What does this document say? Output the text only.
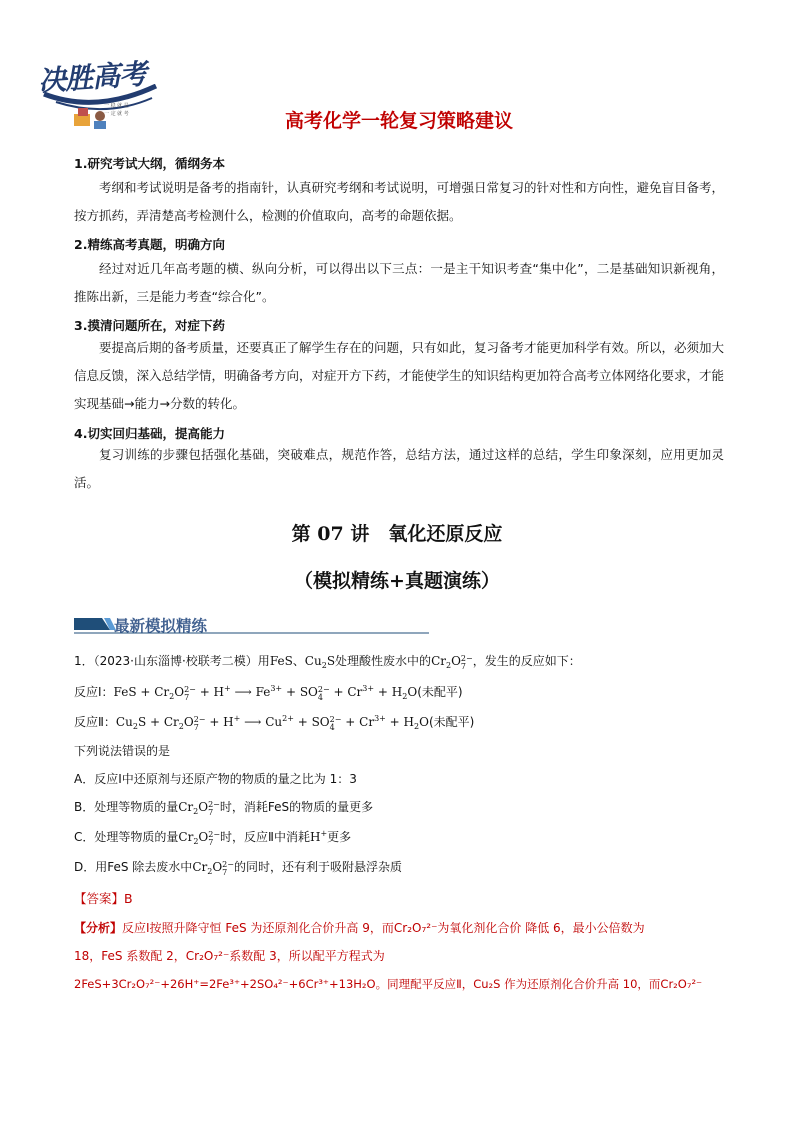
决胜高考
一 稳 就 是
一 定 就 考	高考化学一轮复习策略建议
1.研究考试大纲，循纲务本
考纲和考试说明是备考的指南针，认真研究考纲和考试说明，可增强日常复习的针对性和方向性，避免盲目备考，按方抓药，弄清楚高考检测什么，检测的价值取向，高考的命题依据。
2.精练高考真题，明确方向
经过对近几年高考题的横、纵向分析，可以得出以下三点：一是主干知识考查“集中化”，二是基础知识新视角，推陈出新，三是能力考查“综合化”。
3.摸清问题所在，对症下药
要提高后期的备考质量，还要真正了解学生存在的问题，只有如此，复习备考才能更加科学有效。所以，必须加大信息反馈，深入总结学情，明确备考方向，对症开方下药，才能使学生的知识结构更加符合高考立体网络化要求，才能实现基础→能力→分数的转化。
4.切实回归基础，提高能力
复习训练的步骤包括强化基础，突破难点，规范作答，总结方法，通过这样的总结，学生印象深刻，应用更加灵活。
第 07 讲　氧化还原反应
（模拟精练+真题演练）
最新模拟精练
1．（2023·山东淄博·校联考二模）用FeS、$Cu_2S$处理酸性废水中的$Cr_2O$ 2−
7 ，发生的反应如下：
反应Ⅰ：FeS + $Cr_2O$ 2−
7 + H+ ⟶ $Fe^{3+}$ + SO 2−
$4 + Cr^{3+} + H_2O$(未配平)
反应Ⅱ：$Cu_2S + Cr_2O$ 2−
7 + H+ ⟶ $Cu^{2+}$ + SO 2−
$4 + Cr^{3+} + H_2O$(未配平)
下列说法错误的是
A．反应Ⅰ中还原剂与还原产物的物质的量之比为 1：3
B．处理等物质的量$Cr_2O$ 2−
7 时，消耗FeS的物质的量更多
C．处理等物质的量$Cr_2O$ 2−
7 时，反应Ⅱ中消耗H+更多
D．用FeS 除去废水中$Cr_2O$ 2−
7 的同时，还有利于吸附悬浮杂质
【答案】B
【分析】反应Ⅰ按照升降守恒 FeS 为还原剂化合价升高 9，而Cr₂O₇²⁻为氧化剂化合价 降低 6，最小公倍数为
18，FeS 系数配 2，Cr₂O₇²⁻系数配 3，所以配平方程式为
2FeS+3Cr₂O₇²⁻+26H⁺=2Fe³⁺+2SO₄²⁻+6Cr³⁺+13H₂O。同理配平反应Ⅱ，Cu₂S 作为还原剂化合价升高 10，而Cr₂O₇²⁻
